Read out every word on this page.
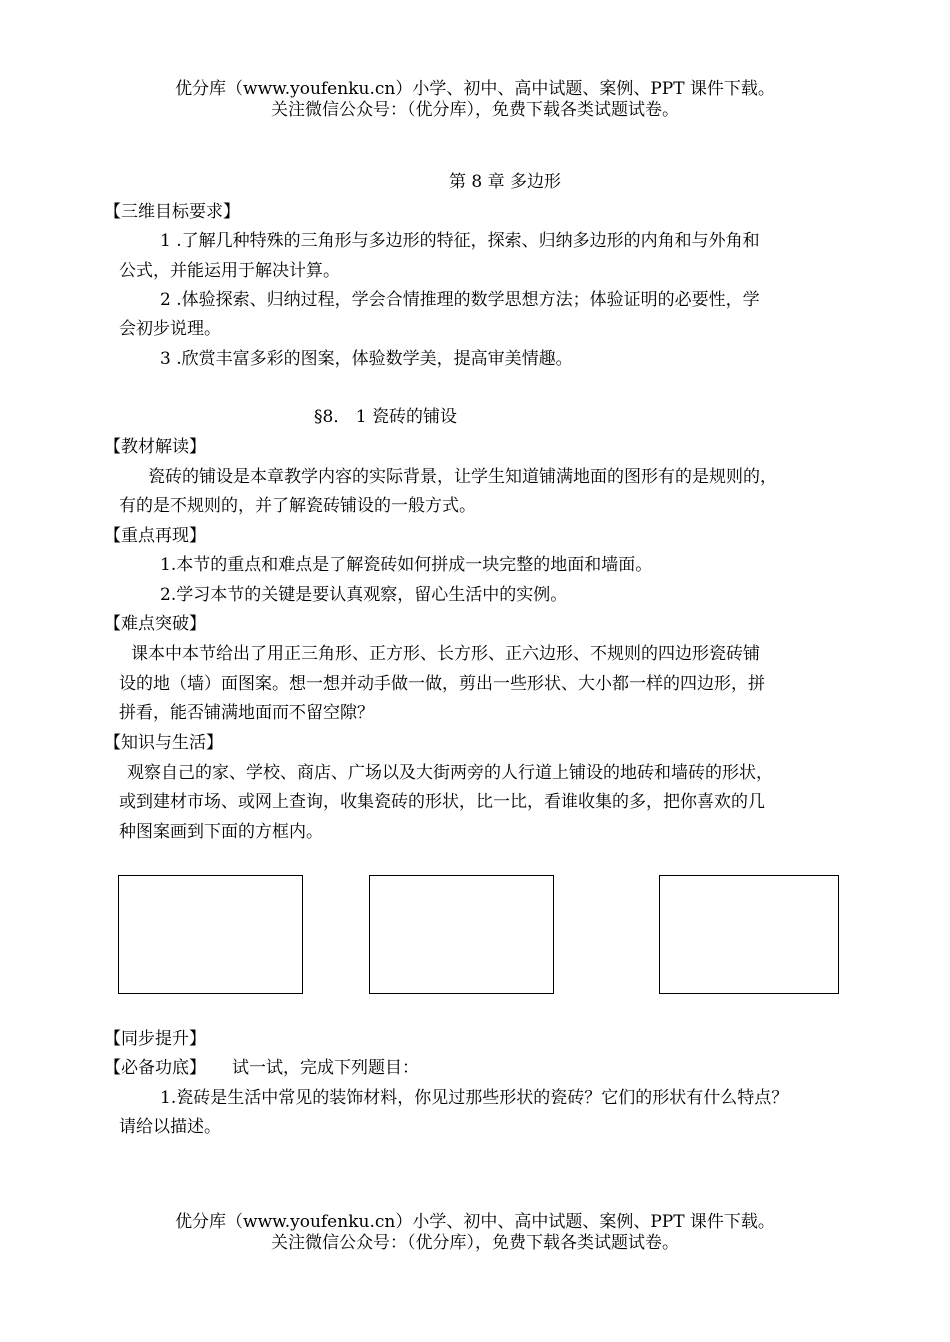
优分库（www.youfenku.cn）小学、初中、高中试题、案例、PPT 课件下载。
关注微信公众号：（优分库），免费下载各类试题试卷。
第 8 章 多边形
【三维目标要求】
1 .了解几种特殊的三角形与多边形的特征，探索、归纳多边形的内角和与外角和
公式，并能运用于解决计算。
2 .体验探索、归纳过程，学会合情推理的数学思想方法；体验证明的必要性，学
会初步说理。
3 .欣赏丰富多彩的图案，体验数学美，提高审美情趣。
§8． 1 瓷砖的铺设
【教材解读】
瓷砖的铺设是本章教学内容的实际背景，让学生知道铺满地面的图形有的是规则的，
有的是不规则的，并了解瓷砖铺设的一般方式。
【重点再现】
1.本节的重点和难点是了解瓷砖如何拼成一块完整的地面和墙面。
2.学习本节的关键是要认真观察，留心生活中的实例。
【难点突破】
课本中本节给出了用正三角形、正方形、长方形、正六边形、不规则的四边形瓷砖铺
设的地（墙）面图案。想一想并动手做一做，剪出一些形状、大小都一样的四边形，拼
拼看，能否铺满地面而不留空隙？
【知识与生活】
观察自己的家、学校、商店、广场以及大街两旁的人行道上铺设的地砖和墙砖的形状，
或到建材市场、或网上查询，收集瓷砖的形状，比一比，看谁收集的多，把你喜欢的几
种图案画到下面的方框内。
【同步提升】
【必备功底】 试一试，完成下列题目：
1.瓷砖是生活中常见的装饰材料，你见过那些形状的瓷砖？它们的形状有什么特点？
请给以描述。
优分库（www.youfenku.cn）小学、初中、高中试题、案例、PPT 课件下载。
关注微信公众号：（优分库），免费下载各类试题试卷。
